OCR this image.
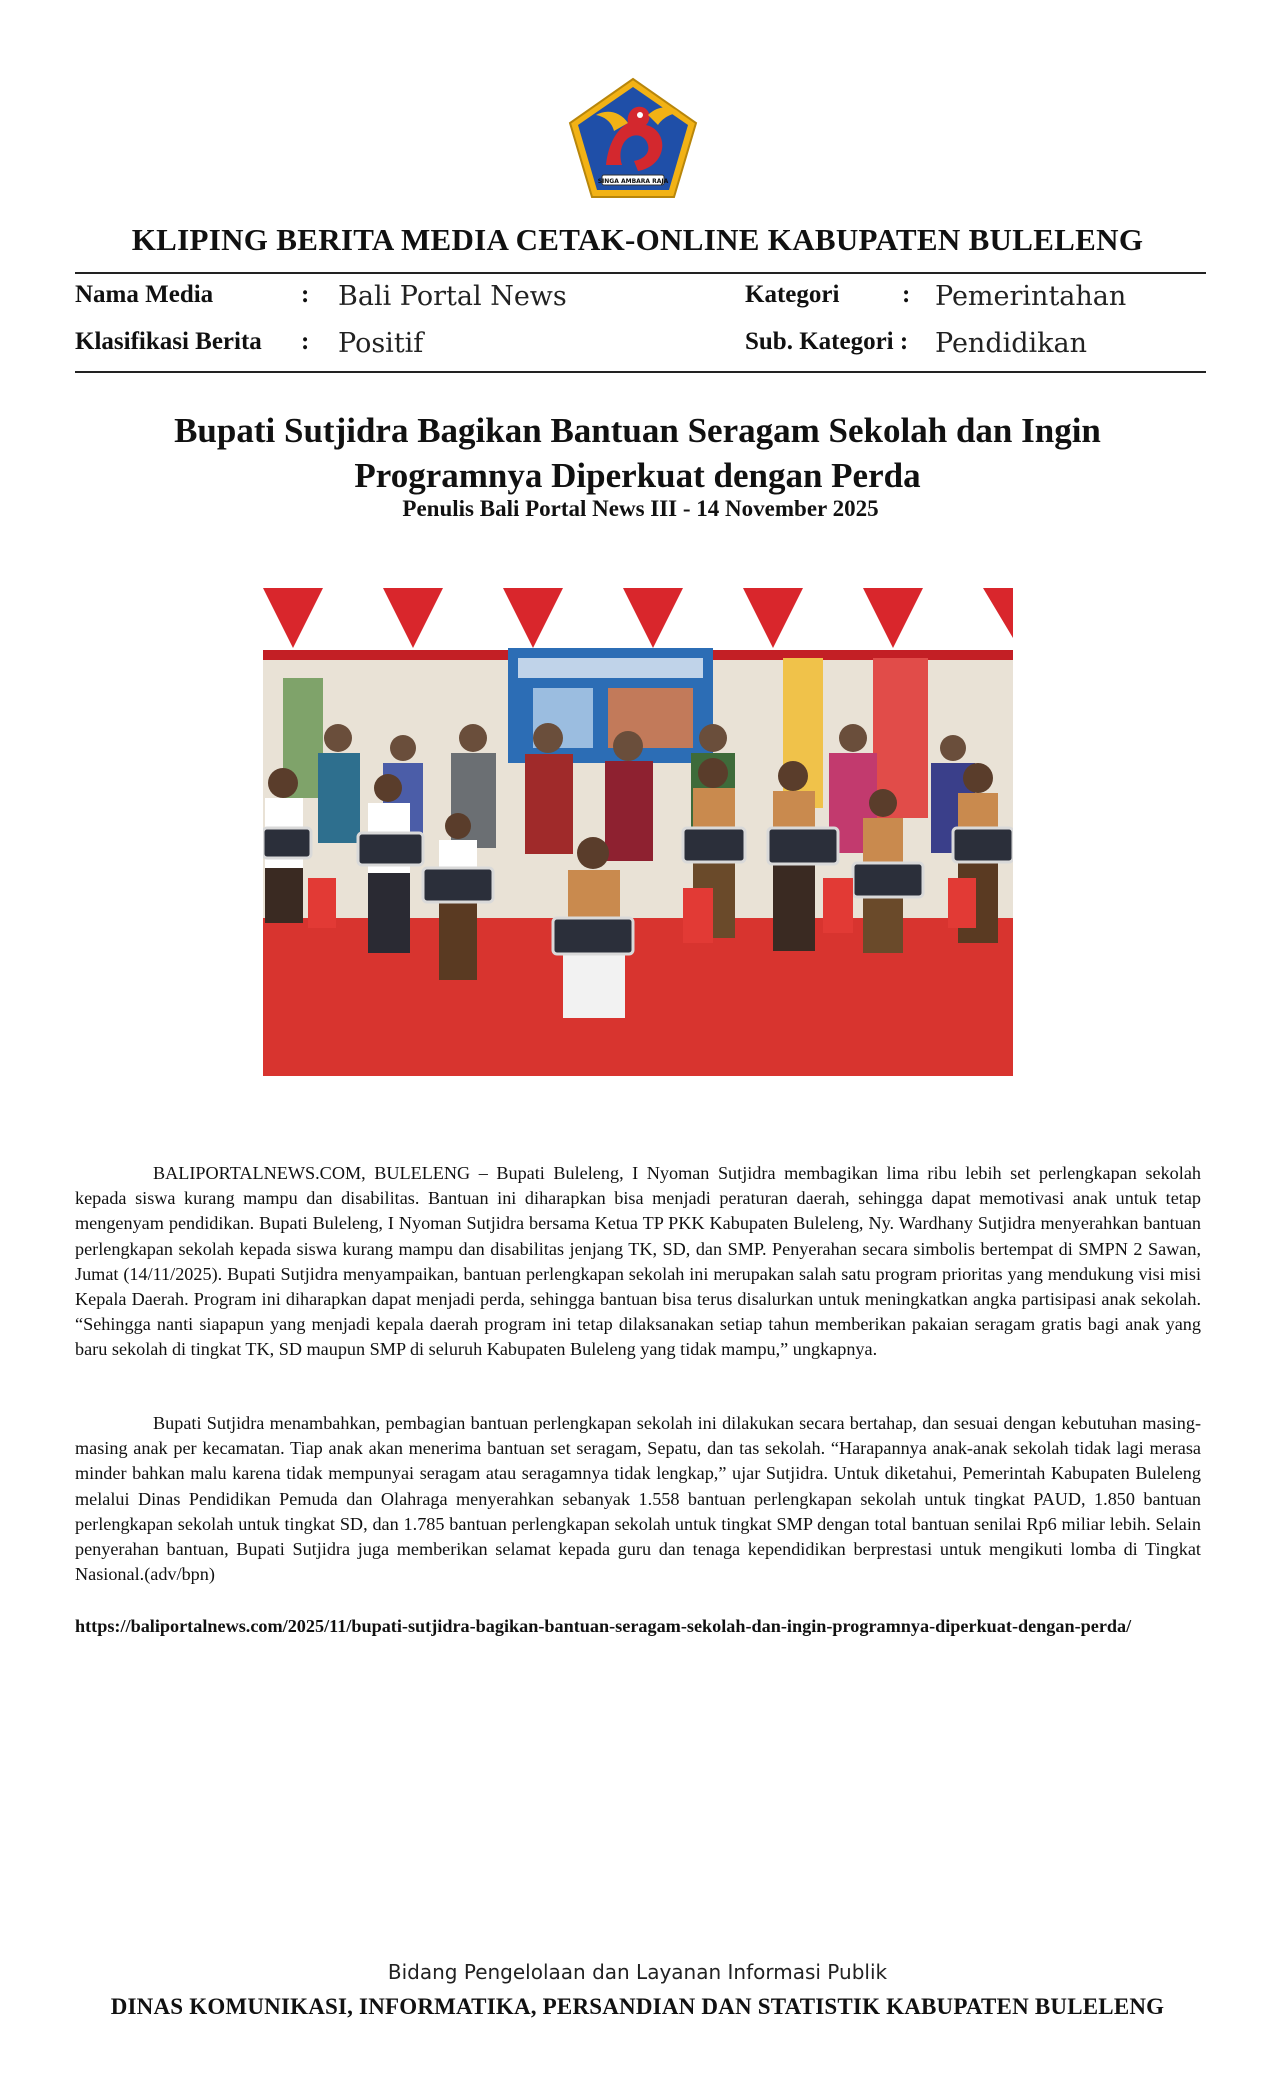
SINGA AMBARA RAJA
KLIPING BERITA MEDIA CETAK-ONLINE KABUPATEN BULELENG
Nama Media	: Bali Portal News	Kategori	: Pemerintahan
Klasifikasi Berita : Positif	Sub. Kategori : Pendidikan
Bupati Sutjidra Bagikan Bantuan Seragam Sekolah dan Ingin Programnya Diperkuat dengan Perda
Penulis Bali Portal News III - 14 November 2025

BALIPORTALNEWS.COM, BULELENG – Bupati Buleleng, I Nyoman Sutjidra membagikan lima ribu lebih set perlengkapan sekolah kepada siswa kurang mampu dan disabilitas. Bantuan ini diharapkan bisa menjadi peraturan daerah, sehingga dapat memotivasi anak untuk tetap mengenyam pendidikan. Bupati Buleleng, I Nyoman Sutjidra bersama Ketua TP PKK Kabupaten Buleleng, Ny. Wardhany Sutjidra menyerahkan bantuan perlengkapan sekolah kepada siswa kurang mampu dan disabilitas jenjang TK, SD, dan SMP. Penyerahan secara simbolis bertempat di SMPN 2 Sawan, Jumat (14/11/2025). Bupati Sutjidra menyampaikan, bantuan perlengkapan sekolah ini merupakan salah satu program prioritas yang mendukung visi misi Kepala Daerah. Program ini diharapkan dapat menjadi perda, sehingga bantuan bisa terus disalurkan untuk meningkatkan angka partisipasi anak sekolah. “Sehingga nanti siapapun yang menjadi kepala daerah program ini tetap dilaksanakan setiap tahun memberikan pakaian seragam gratis bagi anak yang baru sekolah di tingkat TK, SD maupun SMP di seluruh Kabupaten Buleleng yang tidak mampu,” ungkapnya.

Bupati Sutjidra menambahkan, pembagian bantuan perlengkapan sekolah ini dilakukan secara bertahap, dan sesuai dengan kebutuhan masing-masing anak per kecamatan. Tiap anak akan menerima bantuan set seragam, Sepatu, dan tas sekolah. “Harapannya anak-anak sekolah tidak lagi merasa minder bahkan malu karena tidak mempunyai seragam atau seragamnya tidak lengkap,” ujar Sutjidra. Untuk diketahui, Pemerintah Kabupaten Buleleng melalui Dinas Pendidikan Pemuda dan Olahraga menyerahkan sebanyak 1.558 bantuan perlengkapan sekolah untuk tingkat PAUD, 1.850 bantuan perlengkapan sekolah untuk tingkat SD, dan 1.785 bantuan perlengkapan sekolah untuk tingkat SMP dengan total bantuan senilai Rp6 miliar lebih. Selain penyerahan bantuan, Bupati Sutjidra juga memberikan selamat kepada guru dan tenaga kependidikan berprestasi untuk mengikuti lomba di Tingkat Nasional.(adv/bpn)

https://baliportalnews.com/2025/11/bupati-sutjidra-bagikan-bantuan-seragam-sekolah-dan-ingin-programnya-diperkuat-dengan-perda/
Bidang Pengelolaan dan Layanan Informasi Publik
DINAS KOMUNIKASI, INFORMATIKA, PERSANDIAN DAN STATISTIK KABUPATEN BULELENG
